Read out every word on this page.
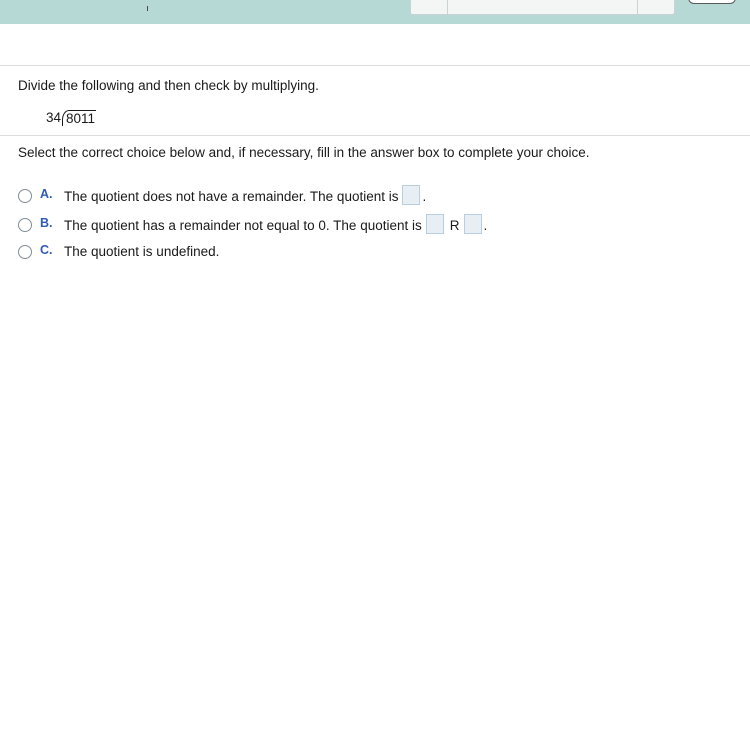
Divide the following and then check by multiplying.
34 8011
Select the correct choice below and, if necessary, fill in the answer box to complete your choice.
A. The quotient does not have a remainder. The quotient is .
B. The quotient has a remainder not equal to 0. The quotient is R .
C. The quotient is undefined.
